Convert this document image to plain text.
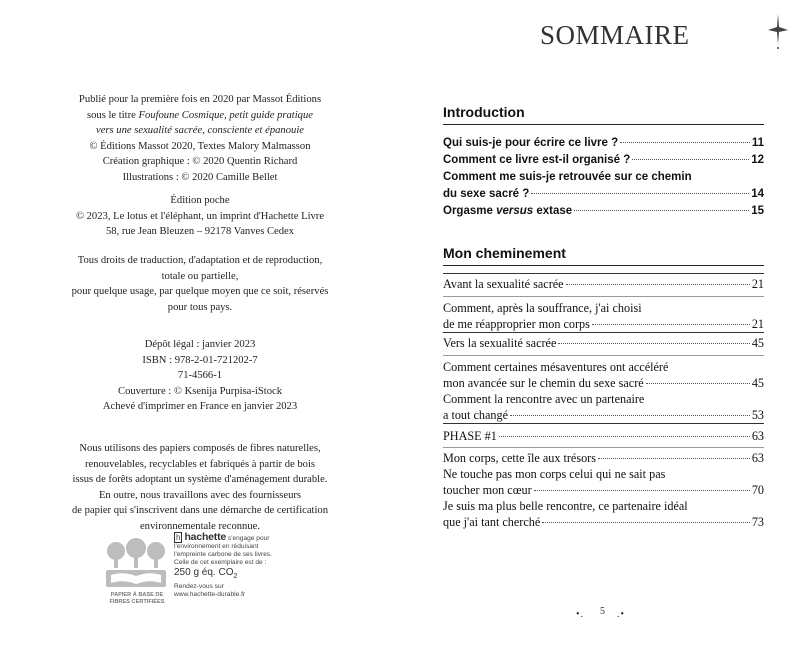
Publié pour la première fois en 2020 par Massot Éditions
sous le titre Foufoune Cosmique, petit guide pratique
vers une sexualité sacrée, consciente et épanouie
© Éditions Massot 2020, Textes Malory Malmasson
Création graphique : © 2020 Quentin Richard
Illustrations : © 2020 Camille Bellet
Édition poche
© 2023, Le lotus et l'éléphant, un imprint d'Hachette Livre
58, rue Jean Bleuzen – 92178 Vanves Cedex
Tous droits de traduction, d'adaptation et de reproduction,
totale ou partielle,
pour quelque usage, par quelque moyen que ce soit, réservés
pour tous pays.
Dépôt légal : janvier 2023
ISBN : 978-2-01-721202-7
71-4566-1
Couverture : © Ksenija Purpisa-iStock
Achevé d'imprimer en France en janvier 2023
Nous utilisons des papiers composés de fibres naturelles,
renouvelables, recyclables et fabriqués à partir de bois
issus de forêts adoptant un système d'aménagement durable.
En outre, nous travaillons avec des fournisseurs
de papier qui s'inscrivent dans une démarche de certification
environnementale reconnue.
PAPIER À BASE DE
FIBRES CERTIFIÉES
h hachette s'engage pour
l'environnement en réduisant
l'empreinte carbone de ses livres.
Celle de cet exemplaire est de :
250 g éq. $CO_2$
Rendez-vous sur
www.hachette-durable.fr
SOMMAIRE
Introduction
Qui suis-je pour écrire ce livre ?	11
Comment ce livre est-il organisé ?	12
Comment me suis-je retrouvée sur ce chemin
du sexe sacré ?	14
Orgasme versus extase	15
Mon cheminement
Avant la sexualité sacrée	21
Comment, après la souffrance, j'ai choisi
de me réapproprier mon corps	21
Vers la sexualité sacrée	45
Comment certaines mésaventures ont accéléré
mon avancée sur le chemin du sexe sacré	45
Comment la rencontre avec un partenaire
a tout changé	53
PHASE #1	63
Mon corps, cette île aux trésors	63
Ne touche pas mon corps celui qui ne sait pas
toucher mon cœur	70
Je suis ma plus belle rencontre, ce partenaire idéal
que j'ai tant cherché	73
•. 5 .•
